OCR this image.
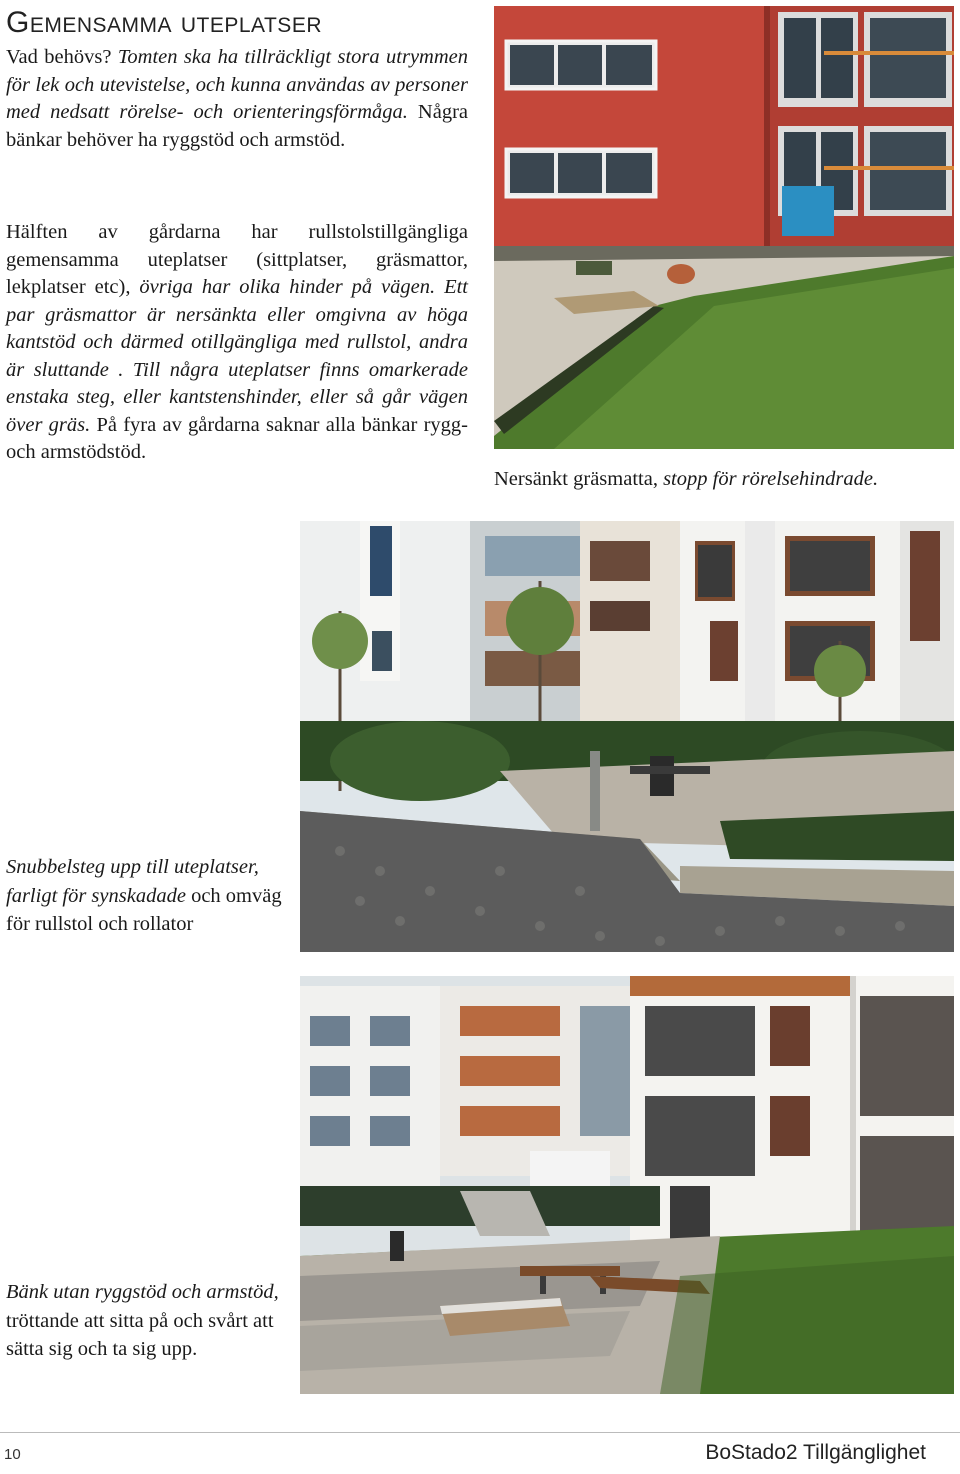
Gemensamma uteplatser
Vad behövs? Tomten ska ha tillräckligt stora utrymmen för lek och utevistelse, och kunna användas av personer med nedsatt rörelse- och orienteringsförmåga. Några bänkar behöver ha ryggstöd och armstöd.
Hälften av gårdarna har rullstolstillgängliga gemensamma uteplatser (sittplatser, gräsmattor, lekplatser etc), övriga har olika hinder på vägen. Ett par gräsmattor är nersänkta eller omgivna av höga kantstöd och därmed otillgängliga med rullstol, andra är sluttande . Till några uteplatser finns omarkerade enstaka steg, eller kantstenshinder, eller så går vägen över gräs. På fyra av gårdarna saknar alla bänkar rygg- och armstödstöd.
Nersänkt gräsmatta, stopp för rörelsehindrade.
Snubbelsteg upp till uteplatser, farligt för synskadade och omväg för rullstol och rollator
Bänk utan ryggstöd och armstöd, tröttande att sitta på och svårt att sätta sig och ta sig upp.
10	BoStado2 Tillgänglighet
